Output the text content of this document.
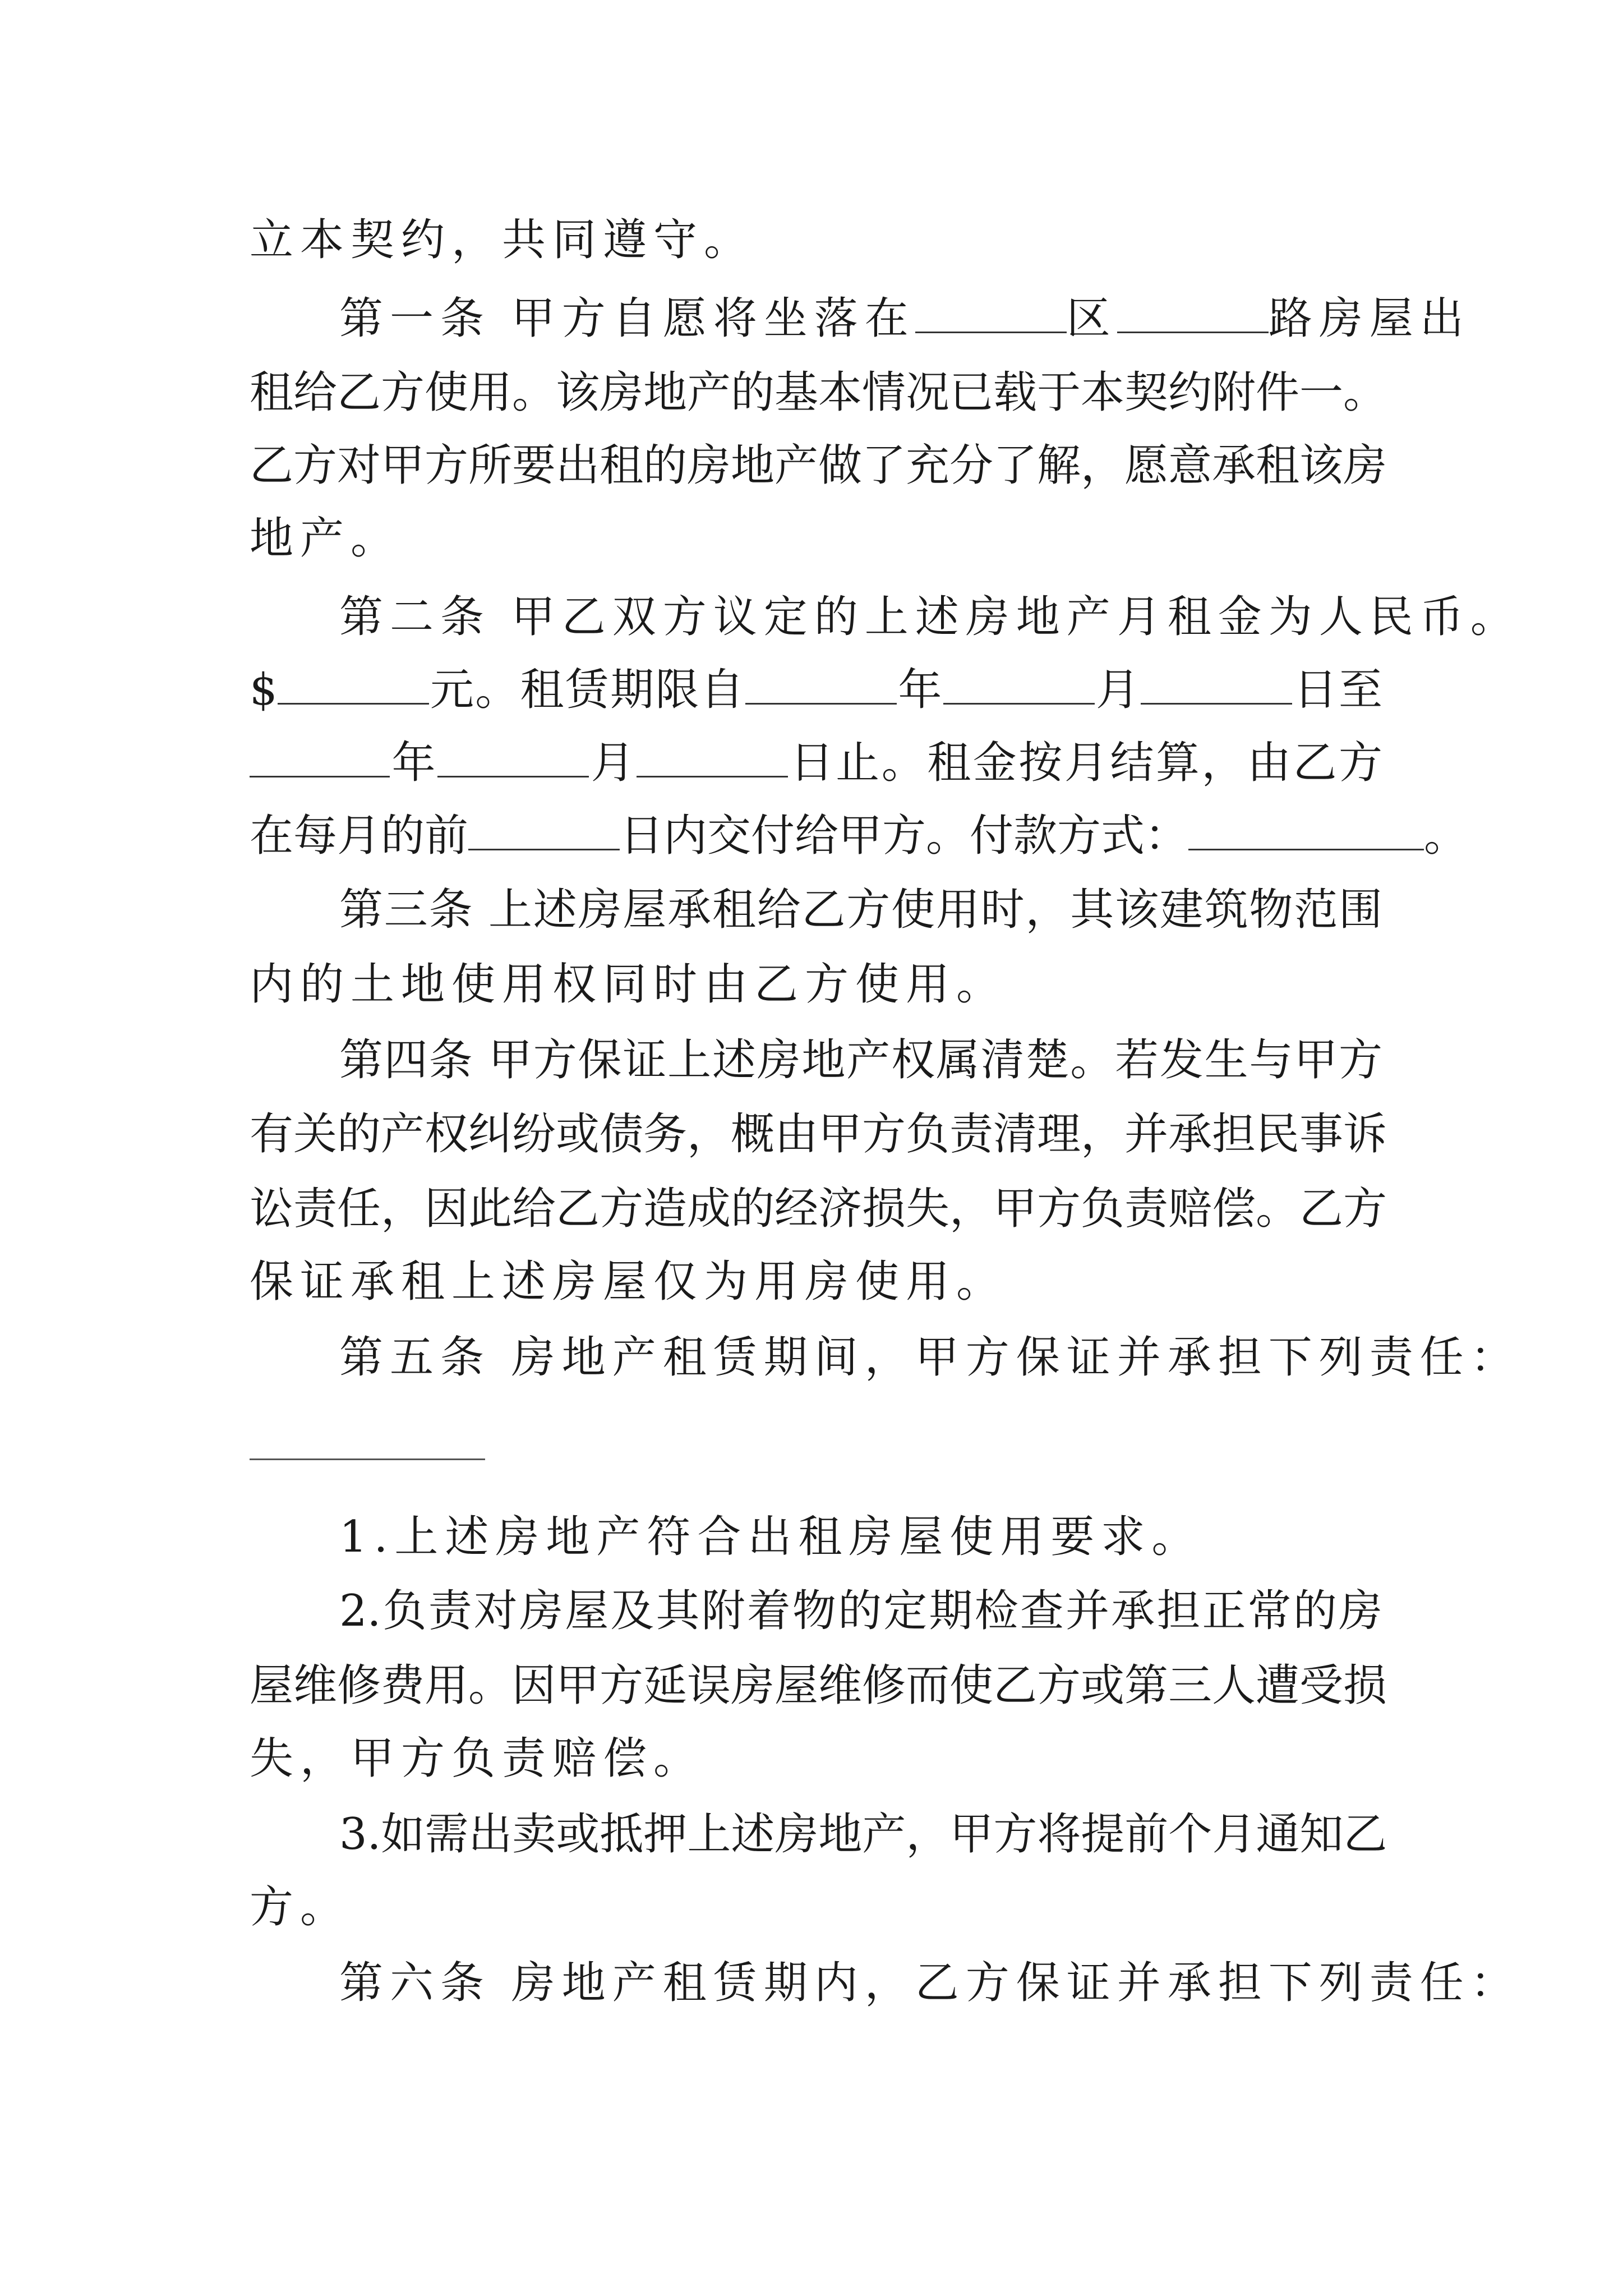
立本契约，共同遵守。
第一条 甲方自愿将坐落在	区	路房屋出
租给乙方使用。该房地产的基本情况已载于本契约附件一。
乙方对甲方所要出租的房地产做了充分了解，愿意承租该房
地产。
第二条 甲乙双方议定的上述房地产月租金为人民币。
$	元。租赁期限自	年	月	日至
年	月	日止。租金按月结算，由乙方
在每月的前	日内交付给甲方。付款方式：	。
第三条 上述房屋承租给乙方使用时，其该建筑物范围
内的土地使用权同时由乙方使用。
第四条 甲方保证上述房地产权属清楚。若发生与甲方
有关的产权纠纷或债务，概由甲方负责清理，并承担民事诉
讼责任，因此给乙方造成的经济损失，甲方负责赔偿。乙方
保证承租上述房屋仅为用房使用。
第五条 房地产租赁期间，甲方保证并承担下列责任：
1.上述房地产符合出租房屋使用要求。
2.负责对房屋及其附着物的定期检查并承担正常的房
屋维修费用。因甲方延误房屋维修而使乙方或第三人遭受损
失，甲方负责赔偿。
3.如需出卖或抵押上述房地产，甲方将提前个月通知乙
方。
第六条 房地产租赁期内，乙方保证并承担下列责任：
